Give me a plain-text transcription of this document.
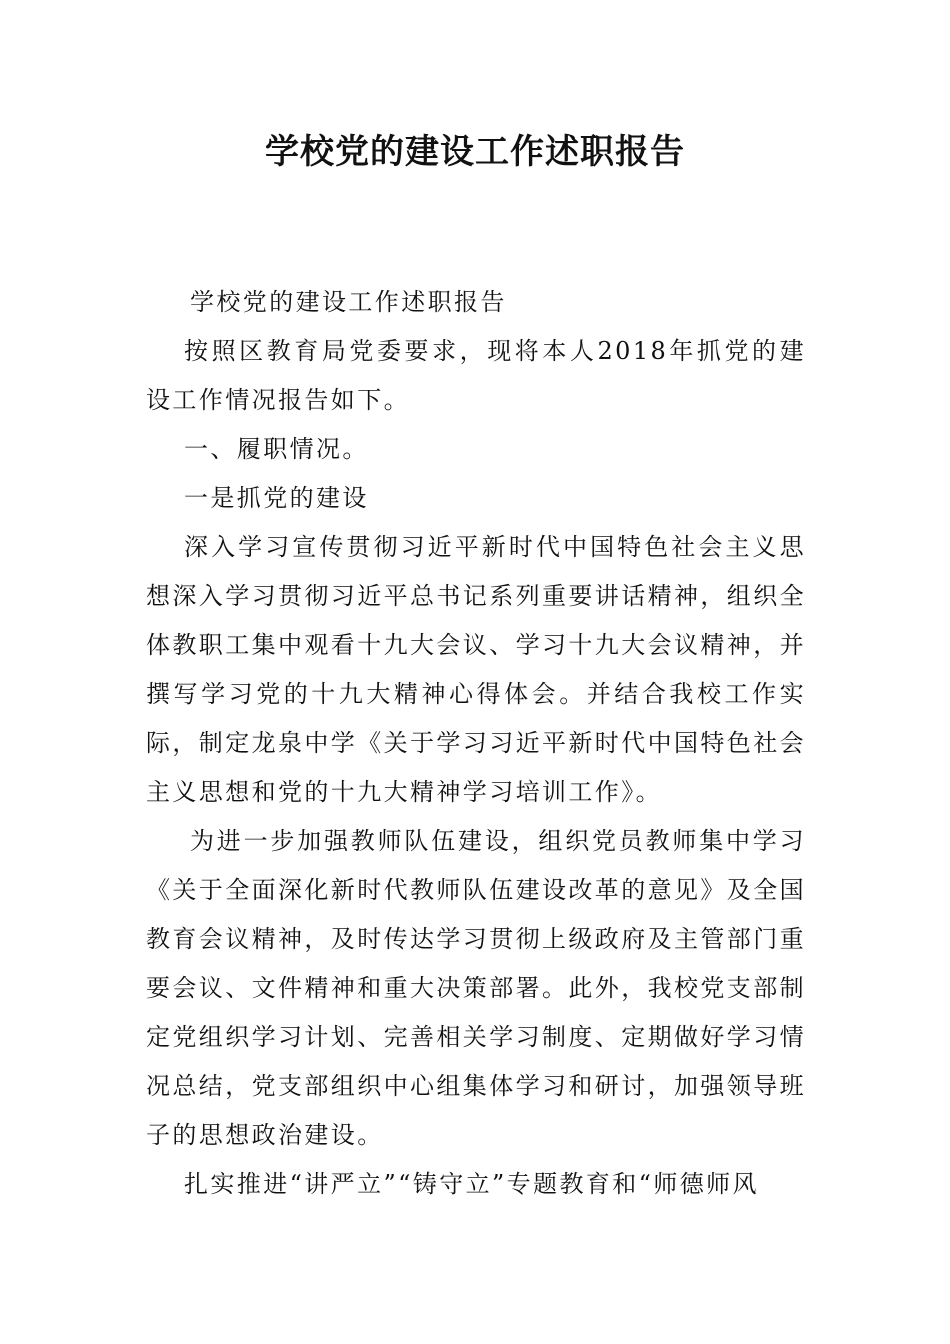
学校党的建设工作述职报告

学校党的建设工作述职报告

按照区教育局党委要求，现将本人2018年抓党的建设工作情况报告如下。

一、履职情况。

一是抓党的建设

深入学习宣传贯彻习近平新时代中国特色社会主义思想深入学习贯彻习近平总书记系列重要讲话精神，组织全体教职工集中观看十九大会议、学习十九大会议精神，并撰写学习党的十九大精神心得体会。并结合我校工作实际，制定龙泉中学《关于学习习近平新时代中国特色社会主义思想和党的十九大精神学习培训工作》。

为进一步加强教师队伍建设，组织党员教师集中学习《关于全面深化新时代教师队伍建设改革的意见》及全国教育会议精神，及时传达学习贯彻上级政府及主管部门重要会议、文件精神和重大决策部署。此外，我校党支部制定党组织学习计划、完善相关学习制度、定期做好学习情况总结，党支部组织中心组集体学习和研讨，加强领导班子的思想政治建设。

扎实推进“讲严立”“铸守立”专题教育和“师德师风
